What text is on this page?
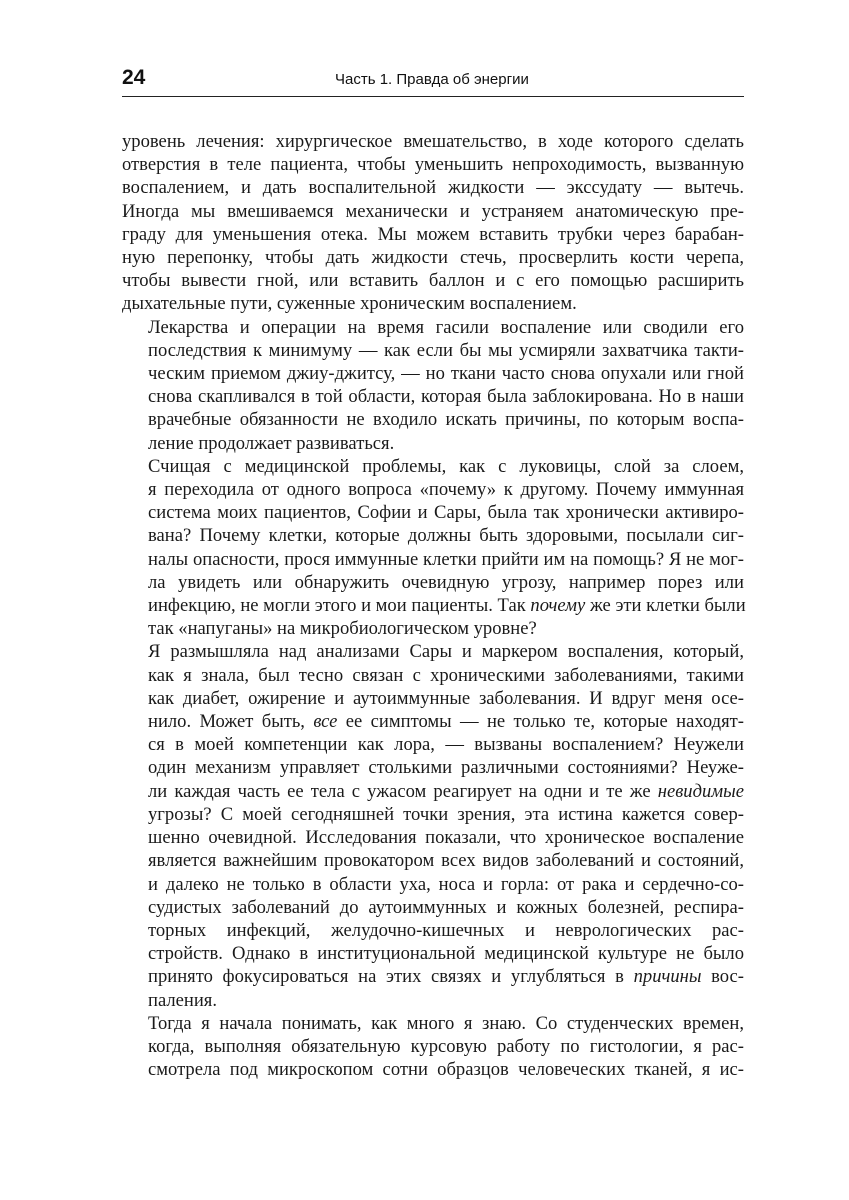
24	Часть 1. Правда об энергии
уровень лечения: хирургическое вмешательство, в ходе которого сделать
отверстия в теле пациента, чтобы уменьшить непроходимость, вызванную
воспалением, и дать воспалительной жидкости — экссудату — вытечь.
Иногда мы вмешиваемся механически и устраняем анатомическую пре-
граду для уменьшения отека. Мы можем вставить трубки через барабан-
ную перепонку, чтобы дать жидкости стечь, просверлить кости черепа,
чтобы вывести гной, или вставить баллон и с его помощью расширить
дыхательные пути, суженные хроническим воспалением.
Лекарства и операции на время гасили воспаление или сводили его
последствия к минимуму — как если бы мы усмиряли захватчика такти-
ческим приемом джиу-джитсу, — но ткани часто снова опухали или гной
снова скапливался в той области, которая была заблокирована. Но в наши
врачебные обязанности не входило искать причины, по которым воспа-
ление продолжает развиваться.
Счищая с медицинской проблемы, как с луковицы, слой за слоем,
я переходила от одного вопроса «почему» к другому. Почему иммунная
система моих пациентов, Софии и Сары, была так хронически активиро-
вана? Почему клетки, которые должны быть здоровыми, посылали сиг-
налы опасности, прося иммунные клетки прийти им на помощь? Я не мог-
ла увидеть или обнаружить очевидную угрозу, например порез или
инфекцию, не могли этого и мои пациенты. Так почему же эти клетки были
так «напуганы» на микробиологическом уровне?
Я размышляла над анализами Сары и маркером воспаления, который,
как я знала, был тесно связан с хроническими заболеваниями, такими
как диабет, ожирение и аутоиммунные заболевания. И вдруг меня осе-
нило. Может быть, все ее симптомы — не только те, которые находят-
ся в моей компетенции как лора, — вызваны воспалением? Неужели
один механизм управляет столькими различными состояниями? Неуже-
ли каждая часть ее тела с ужасом реагирует на одни и те же невидимые
угрозы? С моей сегодняшней точки зрения, эта истина кажется совер-
шенно очевидной. Исследования показали, что хроническое воспаление
является важнейшим провокатором всех видов заболеваний и состояний,
и далеко не только в области уха, носа и горла: от рака и сердечно-со-
судистых заболеваний до аутоиммунных и кожных болезней, респира-
торных инфекций, желудочно-кишечных и неврологических рас-
стройств. Однако в институциональной медицинской культуре не было
принято фокусироваться на этих связях и углубляться в причины вос-
паления.
Тогда я начала понимать, как много я знаю. Со студенческих времен,
когда, выполняя обязательную курсовую работу по гистологии, я рас-
смотрела под микроскопом сотни образцов человеческих тканей, я ис-
